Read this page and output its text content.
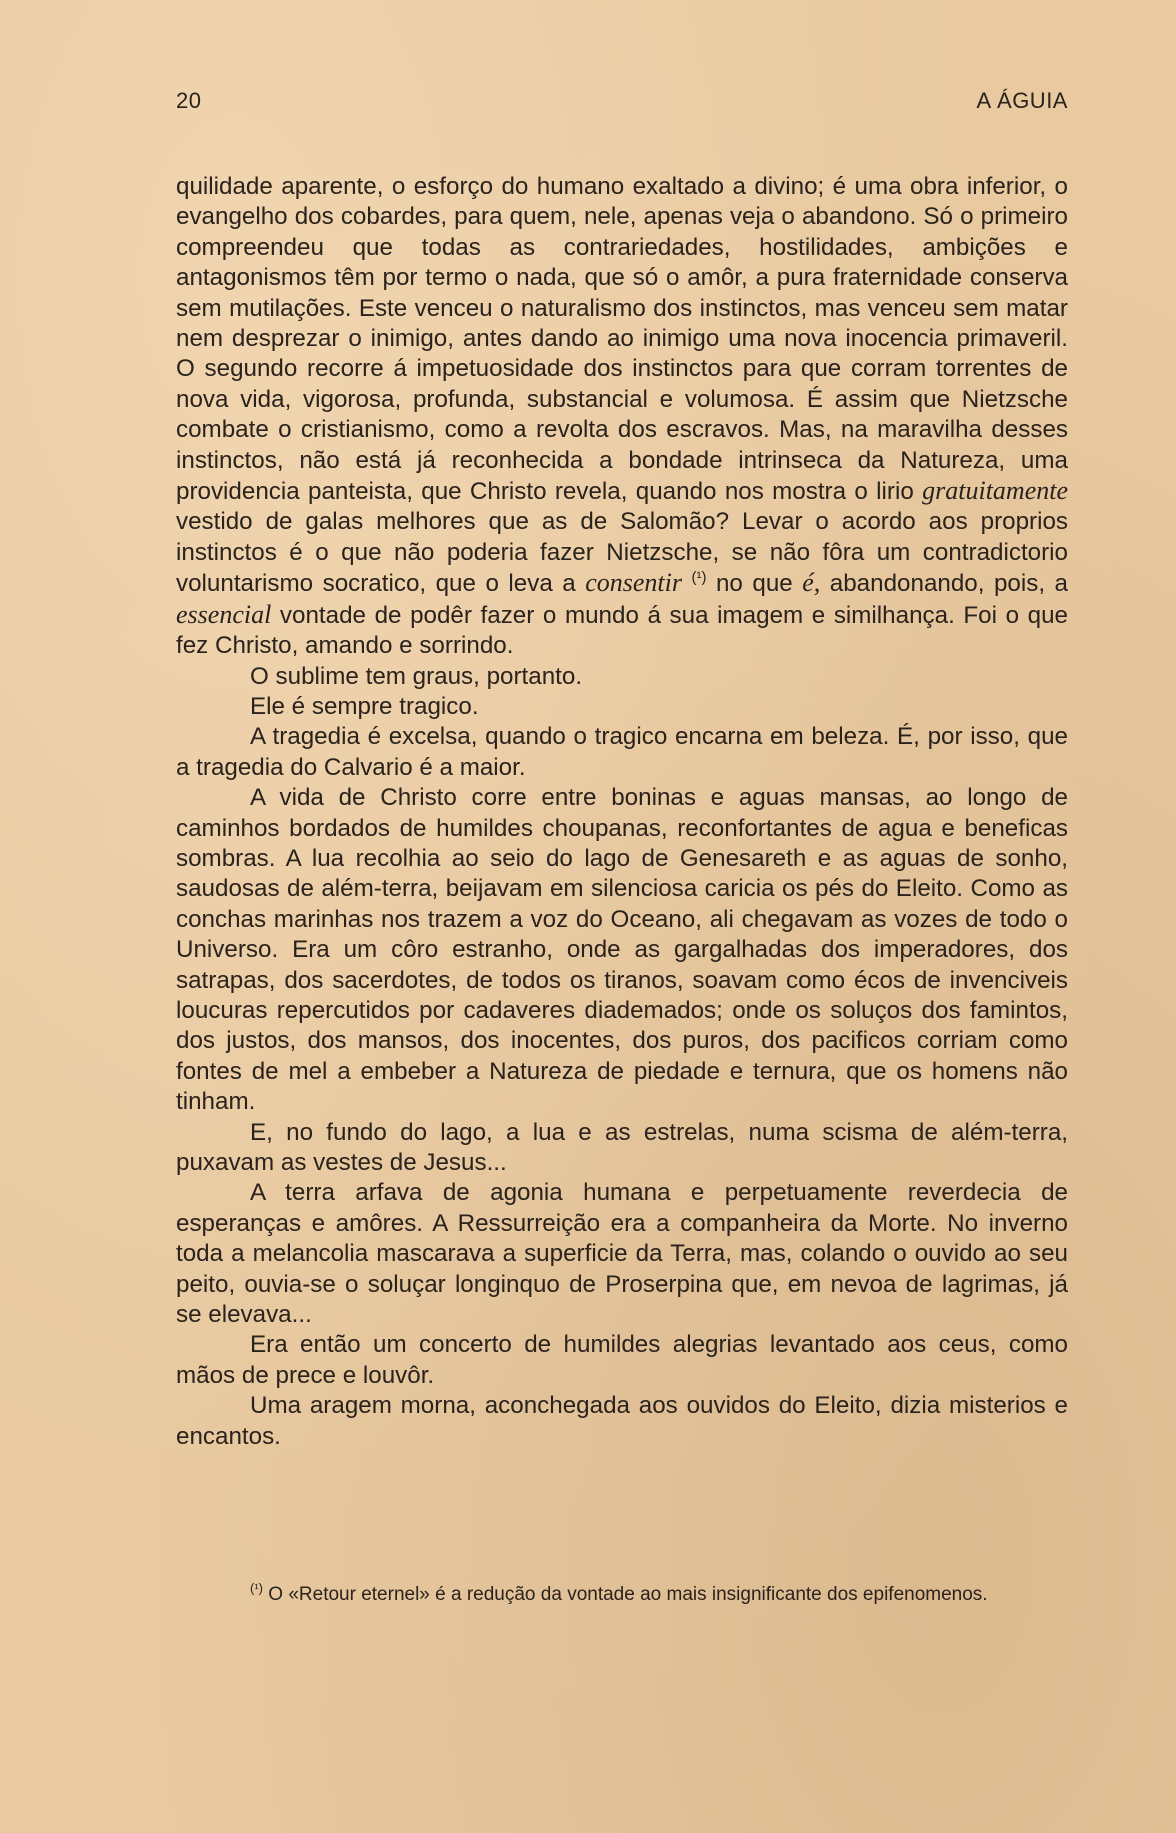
20	A ÁGUIA

quilidade aparente, o esforço do humano exaltado a divino; é uma obra inferior, o evangelho dos cobardes, para quem, nele, apenas veja o abandono. Só o primeiro compreendeu que todas as contrariedades, hostilidades, ambições e antagonismos têm por termo o nada, que só o amôr, a pura fraternidade conserva sem mutilações. Este venceu o naturalismo dos instinctos, mas venceu sem matar nem desprezar o inimigo, antes dando ao inimigo uma nova inocencia primaveril. O segundo recorre á impetuosidade dos instinctos para que corram torrentes de nova vida, vigorosa, profunda, substancial e volumosa. É assim que Nietzsche combate o cristianismo, como a revolta dos escravos. Mas, na maravilha desses instinctos, não está já reconhecida a bondade intrinseca da Natureza, uma providencia panteista, que Christo revela, quando nos mostra o lirio gratuitamente vestido de galas melhores que as de Salomão? Levar o acordo aos proprios instinctos é o que não poderia fazer Nietzsche, se não fôra um contradictorio voluntarismo socratico, que o leva a consentir $^{(^1)}$ no que é, abandonando, pois, a essencial vontade de podêr fazer o mundo á sua imagem e similhança. Foi o que fez Christo, amando e sorrindo.

O sublime tem graus, portanto.

Ele é sempre tragico.

A tragedia é excelsa, quando o tragico encarna em beleza. É, por isso, que a tragedia do Calvario é a maior.

A vida de Christo corre entre boninas e aguas mansas, ao longo de caminhos bordados de humildes choupanas, reconfortantes de agua e beneficas sombras. A lua recolhia ao seio do lago de Genesareth e as aguas de sonho, saudosas de além-terra, beijavam em silenciosa caricia os pés do Eleito. Como as conchas marinhas nos trazem a voz do Oceano, ali chegavam as vozes de todo o Universo. Era um côro estranho, onde as gargalhadas dos imperadores, dos satrapas, dos sacerdotes, de todos os tiranos, soavam como écos de invenciveis loucuras repercutidos por cadaveres diademados; onde os soluços dos famintos, dos justos, dos mansos, dos inocentes, dos puros, dos pacificos corriam como fontes de mel a embeber a Natureza de piedade e ternura, que os homens não tinham.

E, no fundo do lago, a lua e as estrelas, numa scisma de além-terra, puxavam as vestes de Jesus...

A terra arfava de agonia humana e perpetuamente reverdecia de esperanças e amôres. A Ressurreição era a companheira da Morte. No inverno toda a melancolia mascarava a superficie da Terra, mas, colando o ouvido ao seu peito, ouvia-se o soluçar longinquo de Proserpina que, em nevoa de lagrimas, já se elevava...

Era então um concerto de humildes alegrias levantado aos ceus, como mãos de prece e louvôr.

Uma aragem morna, aconchegada aos ouvidos do Eleito, dizia misterios e encantos.

$^{(^1)}$ O «Retour eternel» é a redução da vontade ao mais insignificante dos epifenomenos.
